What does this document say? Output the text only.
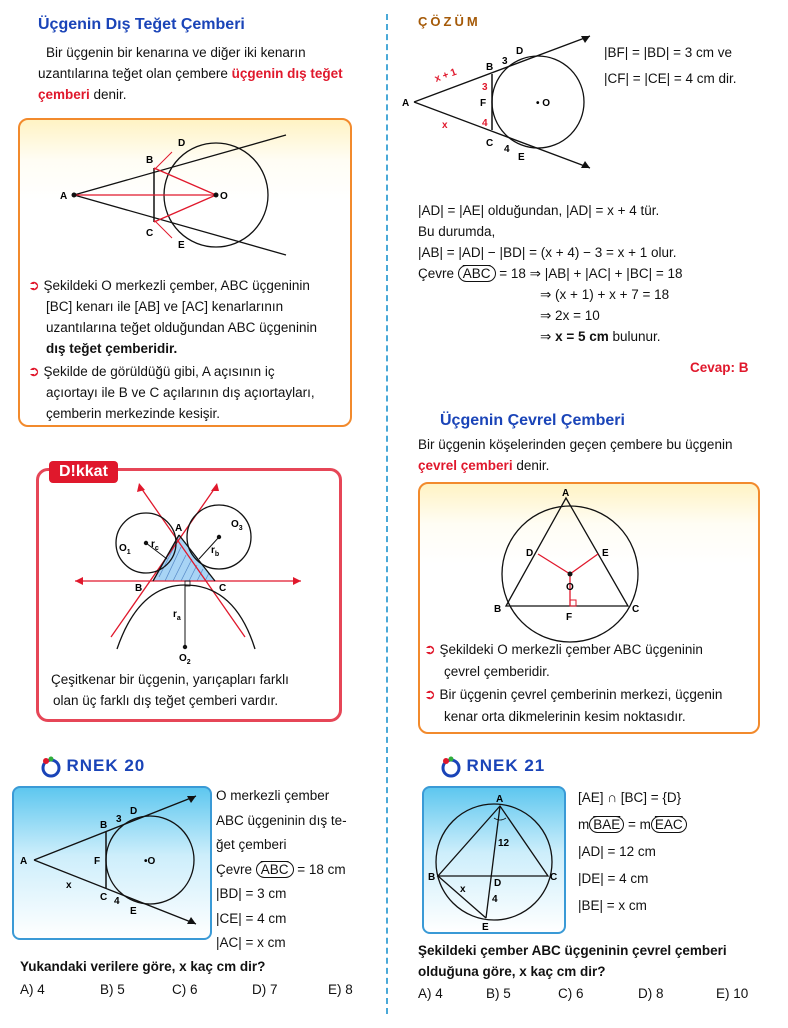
Üçgenin Dış Teğet Çemberi
Bir üçgenin bir kenarına ve diğer iki kenarın
uzantılarına teğet olan çembere üçgenin dış teğet
çemberi denir.
A
B
C
D
E
O
➲ Şekildeki O merkezli çember, ABC üçgeninin
[BC] kenarı ile [AB] ve [AC] kenarlarının
uzantılarına teğet olduğundan ABC üçgeninin
dış teğet çemberidir.
➲ Şekilde de görüldüğü gibi, A açısının iç
açıortayı ile B ve C açılarının dış açıortayları,
çemberin merkezinde kesişir.
D!kkat
A
B	C
$O_1$
$O_3$
$O_2$
$r_c$	$r_b$
$r_a$
Çeşitkenar bir üçgenin, yarıçapları farklı
olan üç farklı dış teğet çemberi vardır.
RNEK 20
A
B
C
D
E
F	•O
3
4
x
O merkezli çember
ABC üçgeninin dış te-
ğet çemberi
Çevre $\overline{ABC} = 18$ cm
|BD| = 3 cm
|CE| = 4 cm
|AC| = x cm
Yukandaki verilere göre, x kaç cm dir?
A) 4	B) 5	C) 6	D) 7	E) 8
ÇÖZÜM
A
B
C
D
E
F	• O
3
4
3
4
x + 1
x
|BF| = |BD| = 3 cm ve
|CF| = |CE| = 4 cm dir.
|AD| = |AE| olduğundan, |AD| = x + 4 tür.
Bu durumda,
|AB| = |AD| − |BD| = (x + 4) − 3 = x + 1 olur.
Çevre $\overline{ABC} = 18$ ⇒ |AB| + |AC| + |BC| = 18
⇒ (x + 1) + x + 7 = 18
⇒ 2x = 10
⇒ x = 5 cm bulunur.
Cevap: B
Üçgenin Çevrel Çemberi
Bir üçgenin köşelerinden geçen çembere bu üçgenin
çevrel çemberi denir.
A
B	C
D	E
F
O
➲ Şekildeki O merkezli çember ABC üçgeninin
çevrel çemberidir.
➲ Bir üçgenin çevrel çemberinin merkezi, üçgenin
kenar orta dikmelerinin kesim noktasıdır.
RNEK 21
A
B	C
D
E
12
4
x
[AE] ∩ [BC] = {D}
m $\overline{BAE} = m$ $\overline{EAC}$
|AD| = 12 cm
|DE| = 4 cm
|BE| = x cm
Şekildeki çember ABC üçgeninin çevrel çemberi
olduğuna göre, x kaç cm dir?
A) 4	B) 5	C) 6	D) 8	E) 10
